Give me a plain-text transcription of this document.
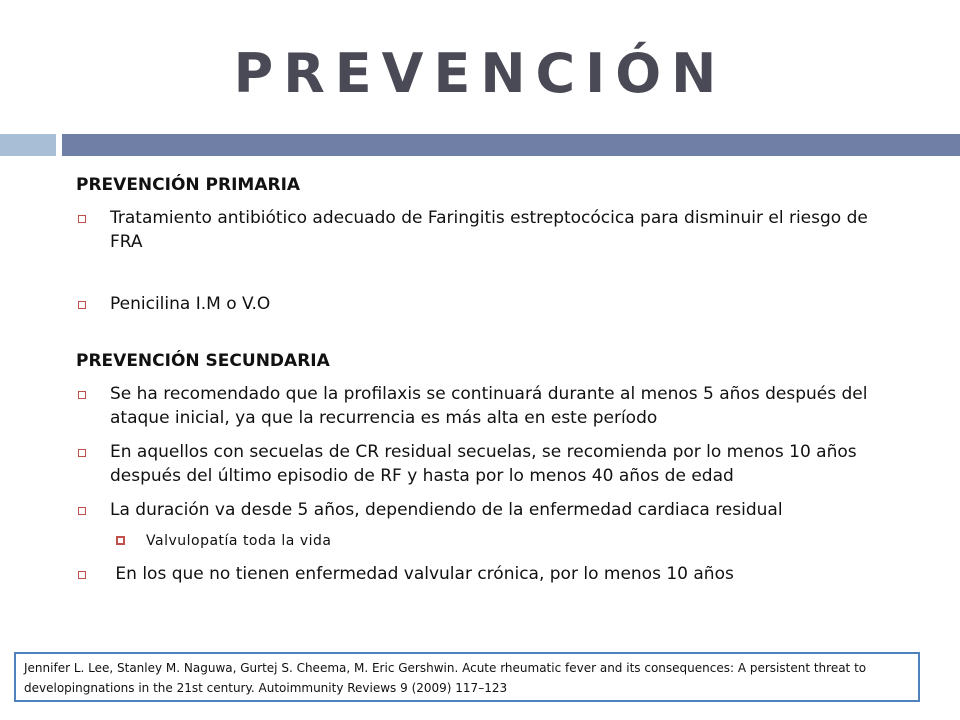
PREVENCIÓN
PREVENCIÓN PRIMARIA
Tratamiento antibiótico adecuado de Faringitis estreptocócica para disminuir el riesgo de FRA
Penicilina I.M o V.O
PREVENCIÓN SECUNDARIA
Se ha recomendado que la profilaxis se continuará durante al menos 5 años después del ataque inicial, ya que la recurrencia es más alta en este período
En aquellos con secuelas de CR residual secuelas, se recomienda por lo menos 10 años después del último episodio de RF y hasta por lo menos 40 años de edad
La duración va desde 5 años, dependiendo de la enfermedad cardiaca residual
Valvulopatía toda la vida
En los que no tienen enfermedad valvular crónica, por lo menos 10 años
Jennifer L. Lee, Stanley M. Naguwa, Gurtej S. Cheema, M. Eric Gershwin. Acute rheumatic fever and its consequences: A persistent threat to developingnations in the 21st century. Autoimmunity Reviews 9 (2009) 117–123
